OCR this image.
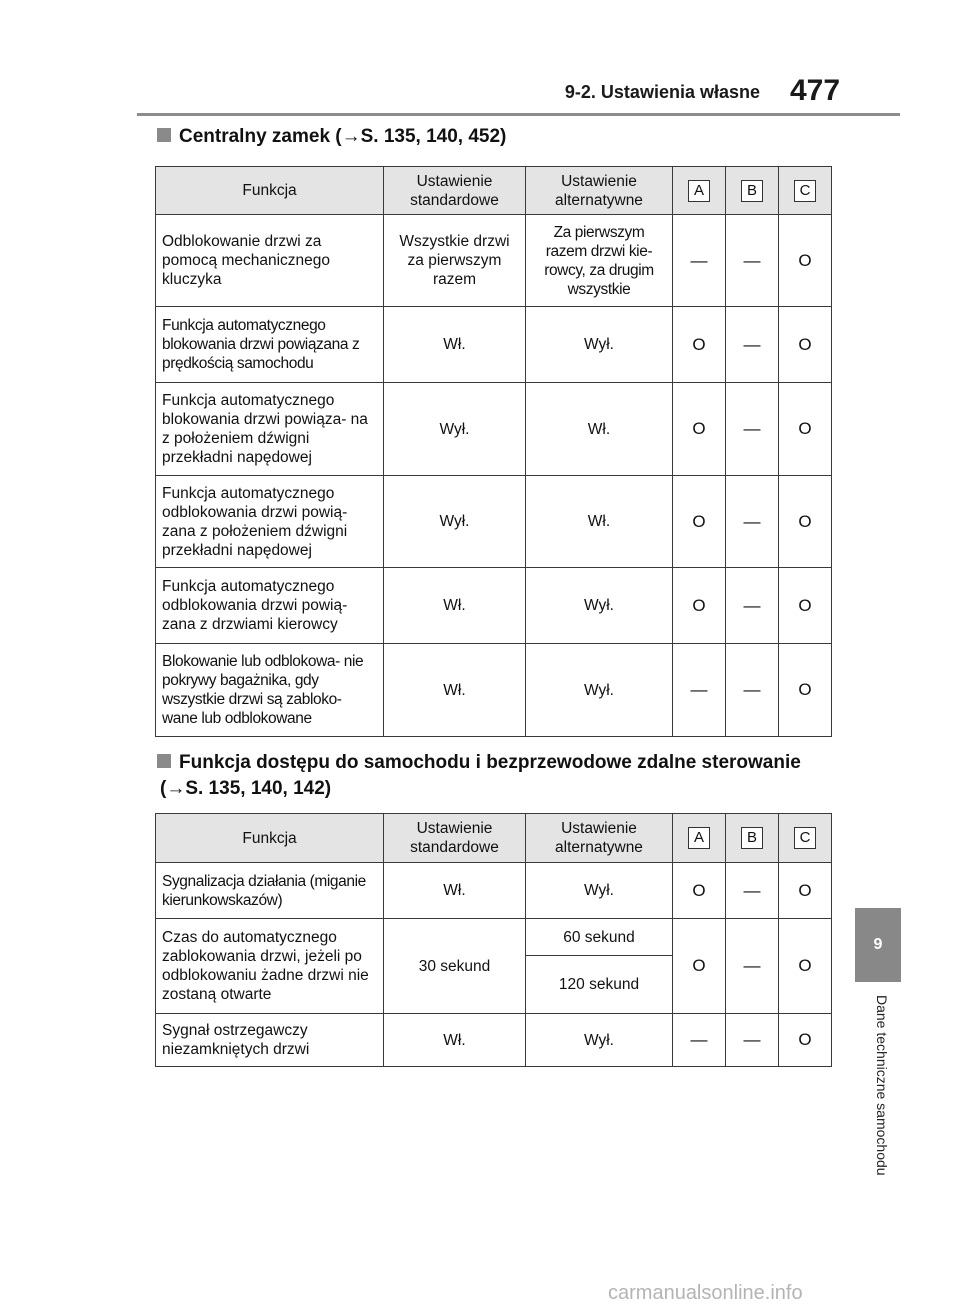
9-2. Ustawienia własne 477
Centralny zamek (→S. 135, 140, 452)
Funkcja	Ustawienie standardowe	Ustawienie alternatywne	A	B	C
Odblokowanie drzwi za pomocą mechanicznego kluczyka	Wszystkie drzwi za pierwszym razem	Za pierwszym razem drzwi kie- rowcy, za drugim wszystkie	—	—	O
Funkcja automatycznego blokowania drzwi powiązana z prędkością samochodu	Wł.	Wył.	O	—	O
Funkcja automatycznego blokowania drzwi powiąza- na z położeniem dźwigni przekładni napędowej	Wył.	Wł.	O	—	O
Funkcja automatycznego odblokowania drzwi powią- zana z położeniem dźwigni przekładni napędowej	Wył.	Wł.	O	—	O
Funkcja automatycznego odblokowania drzwi powią- zana z drzwiami kierowcy	Wł.	Wył.	O	—	O
Blokowanie lub odblokowa- nie pokrywy bagażnika, gdy wszystkie drzwi są zabloko- wane lub odblokowane	Wł.	Wył.	—	—	O
Funkcja dostępu do samochodu i bezprzewodowe zdalne sterowanie
(→S. 135, 140, 142)
Funkcja	Ustawienie standardowe	Ustawienie alternatywne	A	B	C
Sygnalizacja działania (miganie kierunkowskazów)	Wł.	Wył.	O	—	O
Czas do automatycznego zablokowania drzwi, jeżeli po odblokowaniu żadne drzwi nie zostaną otwarte	30 sekund	60 sekund	O	—	O
		120 sekund			
Sygnał ostrzegawczy niezamkniętych drzwi	Wł.	Wył.	—	—	O
9
Dane techniczne samochodu
carmanualsonline.info
